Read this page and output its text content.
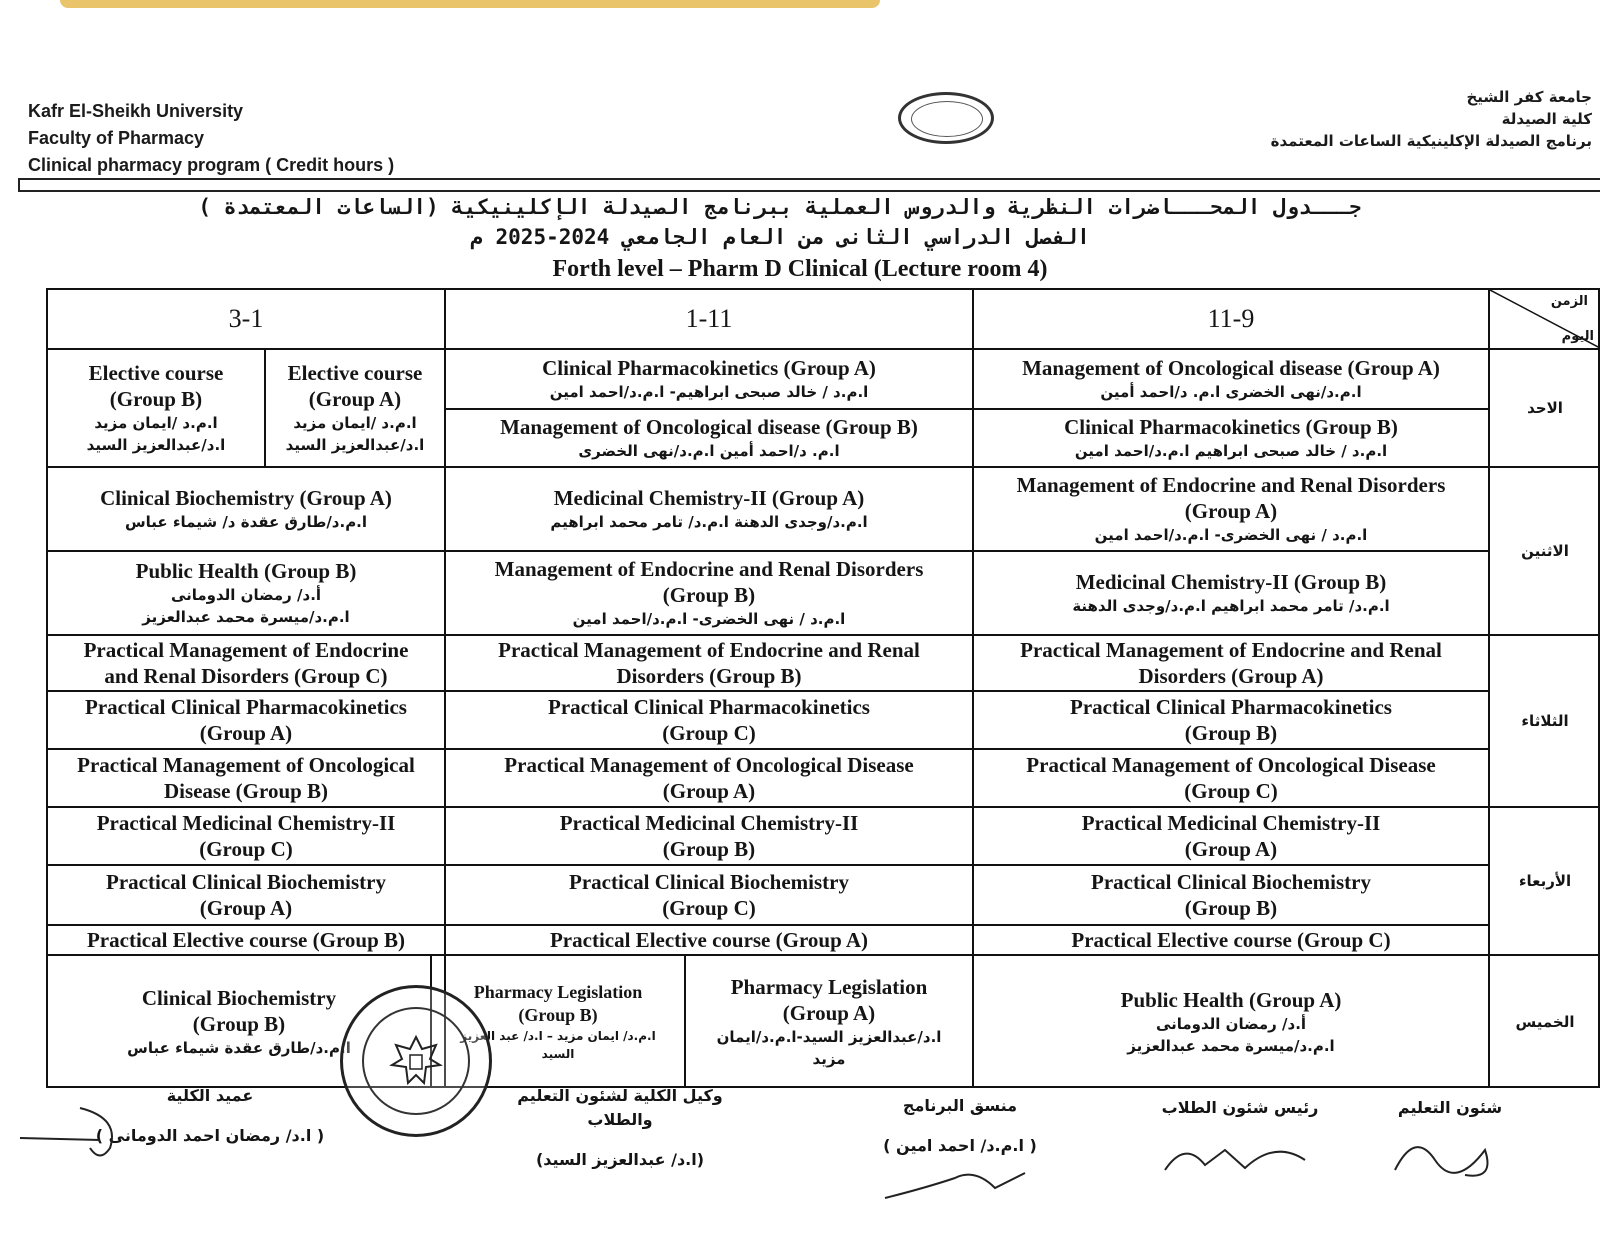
Kafr El-Sheikh University
Faculty of Pharmacy
Clinical pharmacy program ( Credit hours )
جامعة كفر الشيخ
كلية الصيدلة
برنامج الصيدلة الإكلينيكية الساعات المعتمدة
جـــدول المحـــاضرات النظرية والدروس العملية ببرنامج الصيدلة الإكلينيكية (الساعات المعتمدة )
الفصل الدراسي الثانى من العام الجامعي 2024-2025 م
Forth level – Pharm D Clinical (Lecture room 4)
3-1	1-11	11-9
الزمن
اليوم
الاحد
الاثنين
الثلاثاء
الأربعاء
الخميس
Management of Oncological disease (Group A)
ا.م.د/نهى الخضرى ا.م. د/احمد أمين
Clinical Pharmacokinetics (Group B)
ا.م.د / خالد صبحى ابراهيم ا.م.د/احمد امين
Clinical Pharmacokinetics (Group A)
ا.م.د / خالد صبحى ابراهيم- ا.م.د/احمد امين
Management of Oncological disease (Group B)
ا.م. د/احمد أمين ا.م.د/نهى الخضرى
Elective course
(Group A)
ا.م.د /ايمان مزيد
ا.د/عبدالعزيز السيد
Elective course
(Group B)
ا.م.د /ايمان مزيد
ا.د/عبدالعزيز السيد
Management of Endocrine and Renal Disorders
(Group A)
ا.م.د / نهى الخضرى- ا.م.د/احمد امين
Medicinal Chemistry-II (Group B)
ا.م.د/ تامر محمد ابراهيم ا.م.د/وجدى الدهنة
Medicinal Chemistry-II (Group A)
ا.م.د/وجدى الدهنة ا.م.د/ تامر محمد ابراهيم
Management of Endocrine and Renal Disorders
(Group B)
ا.م.د / نهى الخضرى- ا.م.د/احمد امين
Clinical Biochemistry (Group A)
ا.م.د/طارق عقدة د/ شيماء عباس
Public Health (Group B)
أ.د/ رمضان الدومانى
ا.م.د/ميسرة محمد عبدالعزيز
Practical Management of Endocrine and Renal
Disorders (Group A)
Practical Clinical Pharmacokinetics
(Group B)
Practical Management of Oncological Disease
(Group C)
Practical Management of Endocrine and Renal
Disorders (Group B)
Practical Clinical Pharmacokinetics
(Group C)
Practical Management of Oncological Disease
(Group A)
Practical Management of Endocrine
and Renal Disorders (Group C)
Practical Clinical Pharmacokinetics
(Group A)
Practical Management of Oncological
Disease (Group B)
Practical Medicinal Chemistry-II
(Group A)
Practical Clinical Biochemistry
(Group B)
Practical Elective course (Group C)
Practical Medicinal Chemistry-II
(Group B)
Practical Clinical Biochemistry
(Group C)
Practical Elective course (Group A)
Practical Medicinal Chemistry-II
(Group C)
Practical Clinical Biochemistry
(Group A)
Practical Elective course (Group B)
Public Health (Group A)
أ.د/ رمضان الدومانى
ا.م.د/ميسرة محمد عبدالعزيز
Pharmacy Legislation
(Group A)
ا.د/عبدالعزيز السيد-ا.م.د/ايمان
مزيد
Pharmacy Legislation
(Group B)
ا.م.د/ ايمان مزيد – ا.د/ عبد العزيز
السيد
Clinical Biochemistry
(Group B)
ا.م.د/طارق عقدة شيماء عباس
شئون التعليم
رئيس شئون الطلاب
منسق البرنامج
( ا.م.د/ احمد امين )
وكيل الكلية لشئون التعليم والطلاب
(ا.د/ عبدالعزيز السيد)
عميد الكلية
( ا.د/ رمضان احمد الدومانى )
